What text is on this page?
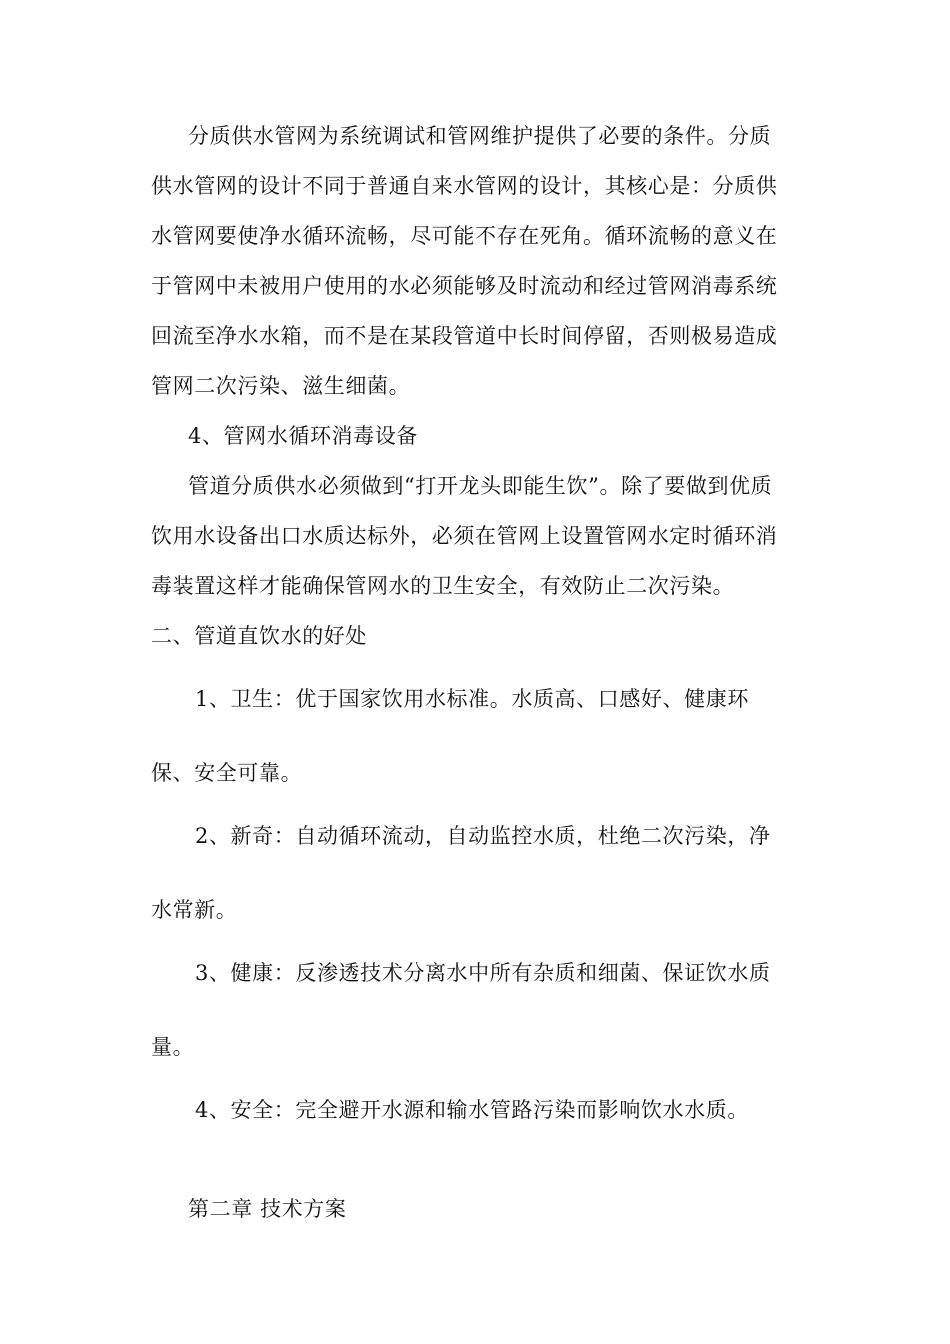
分质供水管网为系统调试和管网维护提供了必要的条件。分质
供水管网的设计不同于普通自来水管网的设计，其核心是：分质供
水管网要使净水循环流畅，尽可能不存在死角。循环流畅的意义在
于管网中未被用户使用的水必须能够及时流动和经过管网消毒系统
回流至净水水箱，而不是在某段管道中长时间停留，否则极易造成
管网二次污染、滋生细菌。
4、管网水循环消毒设备
管道分质供水必须做到“打开龙头即能生饮”。除了要做到优质
饮用水设备出口水质达标外，必须在管网上设置管网水定时循环消
毒装置这样才能确保管网水的卫生安全，有效防止二次污染。
二、管道直饮水的好处
1、卫生：优于国家饮用水标准。水质高、口感好、健康环
保、安全可靠。
2、新奇：自动循环流动，自动监控水质，杜绝二次污染，净
水常新。
3、健康：反渗透技术分离水中所有杂质和细菌、保证饮水质
量。
4、安全：完全避开水源和输水管路污染而影响饮水水质。
第二章 技术方案
